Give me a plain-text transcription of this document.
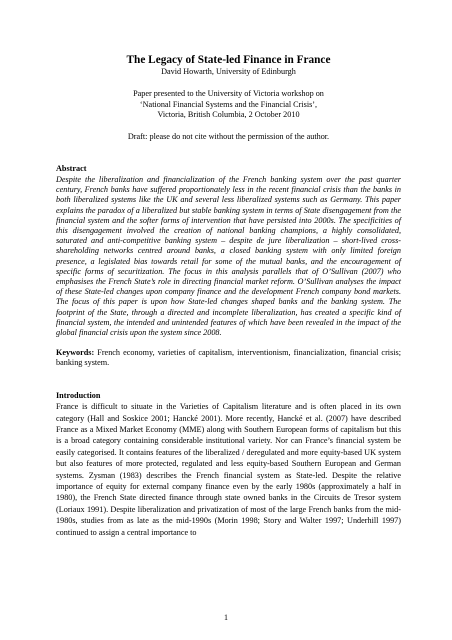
The Legacy of State-led Finance in France

David Howarth, University of Edinburgh

Paper presented to the University of Victoria workshop on

‘National Financial Systems and the Financial Crisis’,

Victoria, British Columbia, 2 October 2010

Draft: please do not cite without the permission of the author.

Abstract

Despite the liberalization and financialization of the French banking system over the past quarter century, French banks have suffered proportionately less in the recent financial crisis than the banks in both liberalized systems like the UK and several less liberalized systems such as Germany. This paper explains the paradox of a liberalized but stable banking system in terms of State disengagement from the financial system and the softer forms of intervention that have persisted into 2000s. The specificities of this disengagement involved the creation of national banking champions, a highly consolidated, saturated and anti-competitive banking system – despite de jure liberalization – short-lived cross-shareholding networks centred around banks, a closed banking system with only limited foreign presence, a legislated bias towards retail for some of the mutual banks, and the encouragement of specific forms of securitization. The focus in this analysis parallels that of O’Sullivan (2007) who emphasises the French State’s role in directing financial market reform. O’Sullivan analyses the impact of these State-led changes upon company finance and the development French company bond markets. The focus of this paper is upon how State-led changes shaped banks and the banking system. The footprint of the State, through a directed and incomplete liberalization, has created a specific kind of financial system, the intended and unintended features of which have been revealed in the impact of the global financial crisis upon the system since 2008.

Keywords: French economy, varieties of capitalism, interventionism, financialization, financial crisis; banking system.

Introduction

France is difficult to situate in the Varieties of Capitalism literature and is often placed in its own category (Hall and Soskice 2001; Hancké 2001). More recently, Hancké et al. (2007) have described France as a Mixed Market Economy (MME) along with Southern European forms of capitalism but this is a broad category containing considerable institutional variety. Nor can France’s financial system be easily categorised. It contains features of the liberalized / deregulated and more equity-based UK system but also features of more protected, regulated and less equity-based Southern European and German systems. Zysman (1983) describes the French financial system as State-led. Despite the relative importance of equity for external company finance even by the early 1980s (approximately a half in 1980), the French State directed finance through state owned banks in the Circuits de Tresor system (Loriaux 1991). Despite liberalization and privatization of most of the large French banks from the mid-1980s, studies from as late as the mid-1990s (Morin 1998; Story and Walter 1997; Underhill 1997) continued to assign a central importance to

1
